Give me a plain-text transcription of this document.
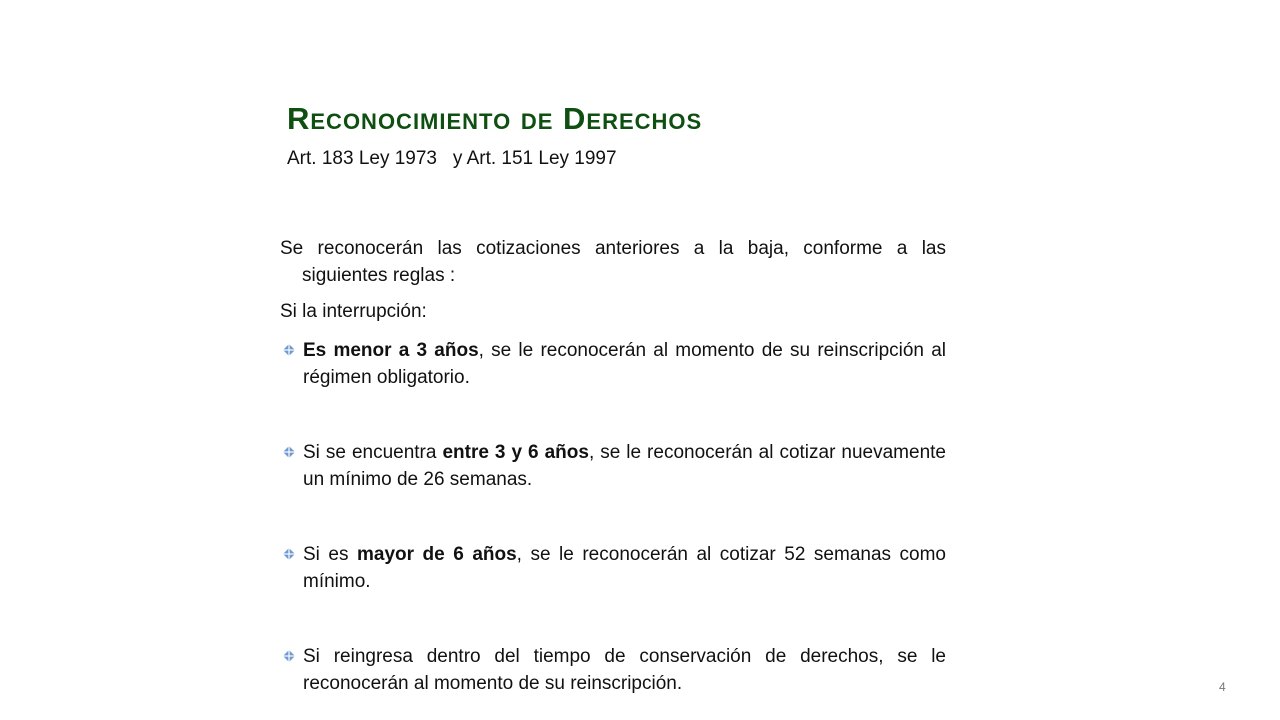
Reconocimiento de Derechos
Art. 183 Ley 1973   y Art. 151 Ley 1997

Se reconocerán las cotizaciones anteriores a la baja, conforme a las siguientes reglas :

Si la interrupción:

Es menor a 3 años, se le reconocerán al momento de su reinscripción al régimen obligatorio.

Si se encuentra entre 3 y 6 años, se le reconocerán al cotizar nuevamente un mínimo de 26 semanas.

Si es mayor de 6 años, se le reconocerán al cotizar 52 semanas como mínimo.

Si reingresa dentro del tiempo de conservación de derechos, se le reconocerán al momento de su reinscripción.	4
